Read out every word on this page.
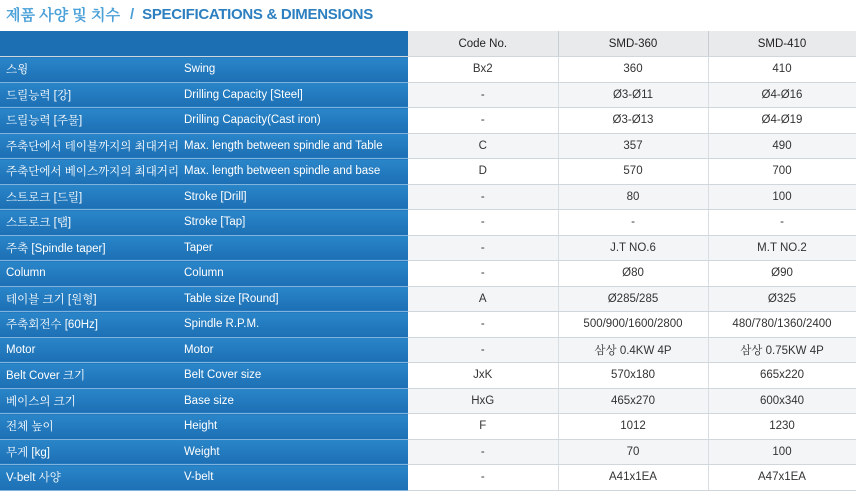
제품 사양 및 치수 / SPECIFICATIONS & DIMENSIONS
		Code No.	SMD-360	SMD-410
스윙	Swing	Bx2	360	410
드릴능력 [강]	Drilling Capacity [Steel]	-	Ø3-Ø11	Ø4-Ø16
드릴능력 [주물]	Drilling Capacity(Cast iron)	-	Ø3-Ø13	Ø4-Ø19
주축단에서 테이블까지의 최대거리	Max. length between spindle and Table	C	357	490
주축단에서 베이스까지의 최대거리	Max. length between spindle and base	D	570	700
스트로크 [드릴]	Stroke [Drill]	-	80	100
스트로크 [탭]	Stroke [Tap]	-	-	-
주축 [Spindle taper]	Taper	-	J.T NO.6	M.T NO.2
Column	Column	-	Ø80	Ø90
테이블 크기 [원형]	Table size [Round]	A	Ø285/285	Ø325
주축회전수 [60Hz]	Spindle R.P.M.	-	500/900/1600/2800	480/780/1360/2400
Motor	Motor	-	삼상 0.4KW 4P	삼상 0.75KW 4P
Belt Cover 크기	Belt Cover size	JxK	570x180	665x220
베이스의 크기	Base size	HxG	465x270	600x340
전체 높이	Height	F	1012	1230
무게 [kg]	Weight	-	70	100
V-belt 사양	V-belt	-	A41x1EA	A47x1EA
